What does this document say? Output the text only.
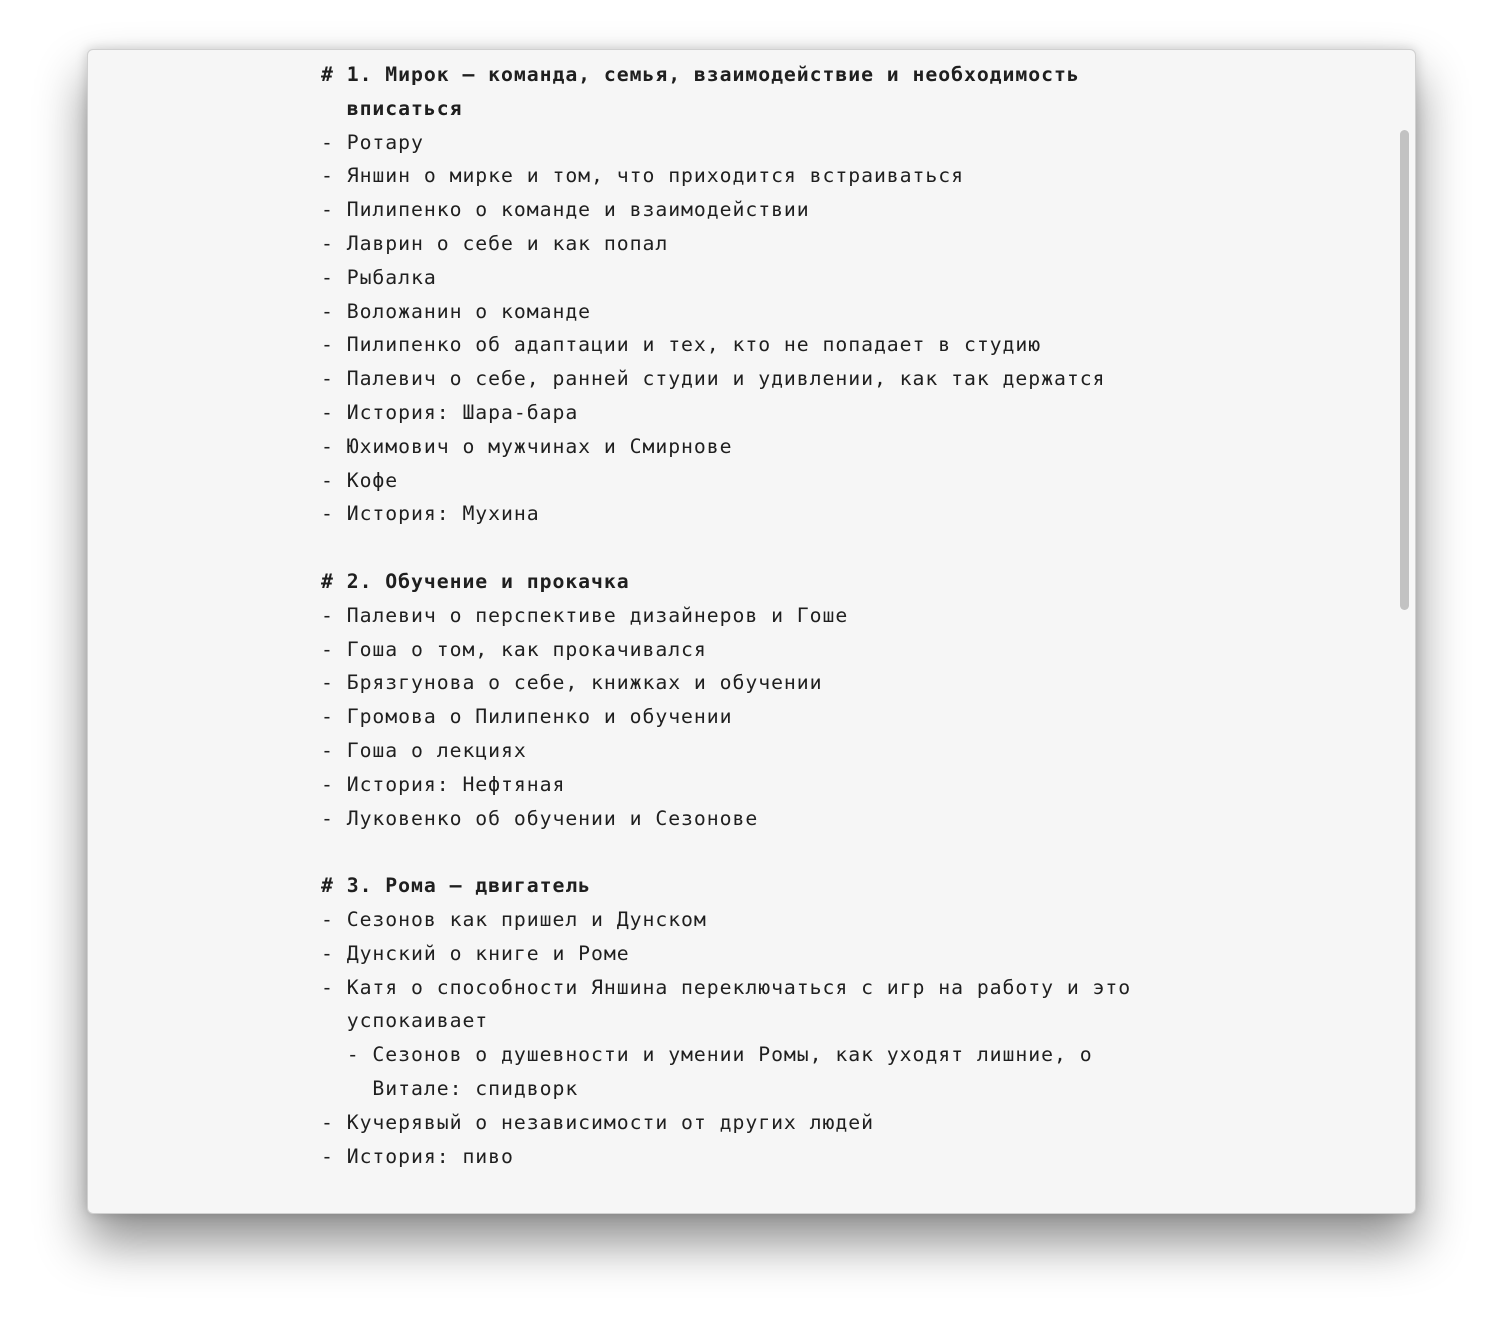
# 1. Мирок — команда, семья, взаимодействие и необходимость
вписаться
- Ротару
- Яншин о мирке и том, что приходится встраиваться
- Пилипенко о команде и взаимодействии
- Лаврин о себе и как попал
- Рыбалка
- Воложанин о команде
- Пилипенко об адаптации и тех, кто не попадает в студию
- Палевич о себе, ранней студии и удивлении, как так держатся
- История: Шара-бара
- Юхимович о мужчинах и Смирнове
- Кофе
- История: Мухина
# 2. Обучение и прокачка
- Палевич о перспективе дизайнеров и Гоше
- Гоша о том, как прокачивался
- Брязгунова о себе, книжках и обучении
- Громова о Пилипенко и обучении
- Гоша о лекциях
- История: Нефтяная
- Луковенко об обучении и Сезонове
# 3. Рома — двигатель
- Сезонов как пришел и Дунском
- Дунский о книге и Роме
- Катя о способности Яншина переключаться с игр на работу и это
успокаивает
- Сезонов о душевности и умении Ромы, как уходят лишние, о
Витале: спидворк
- Кучерявый о независимости от других людей
- История: пиво
